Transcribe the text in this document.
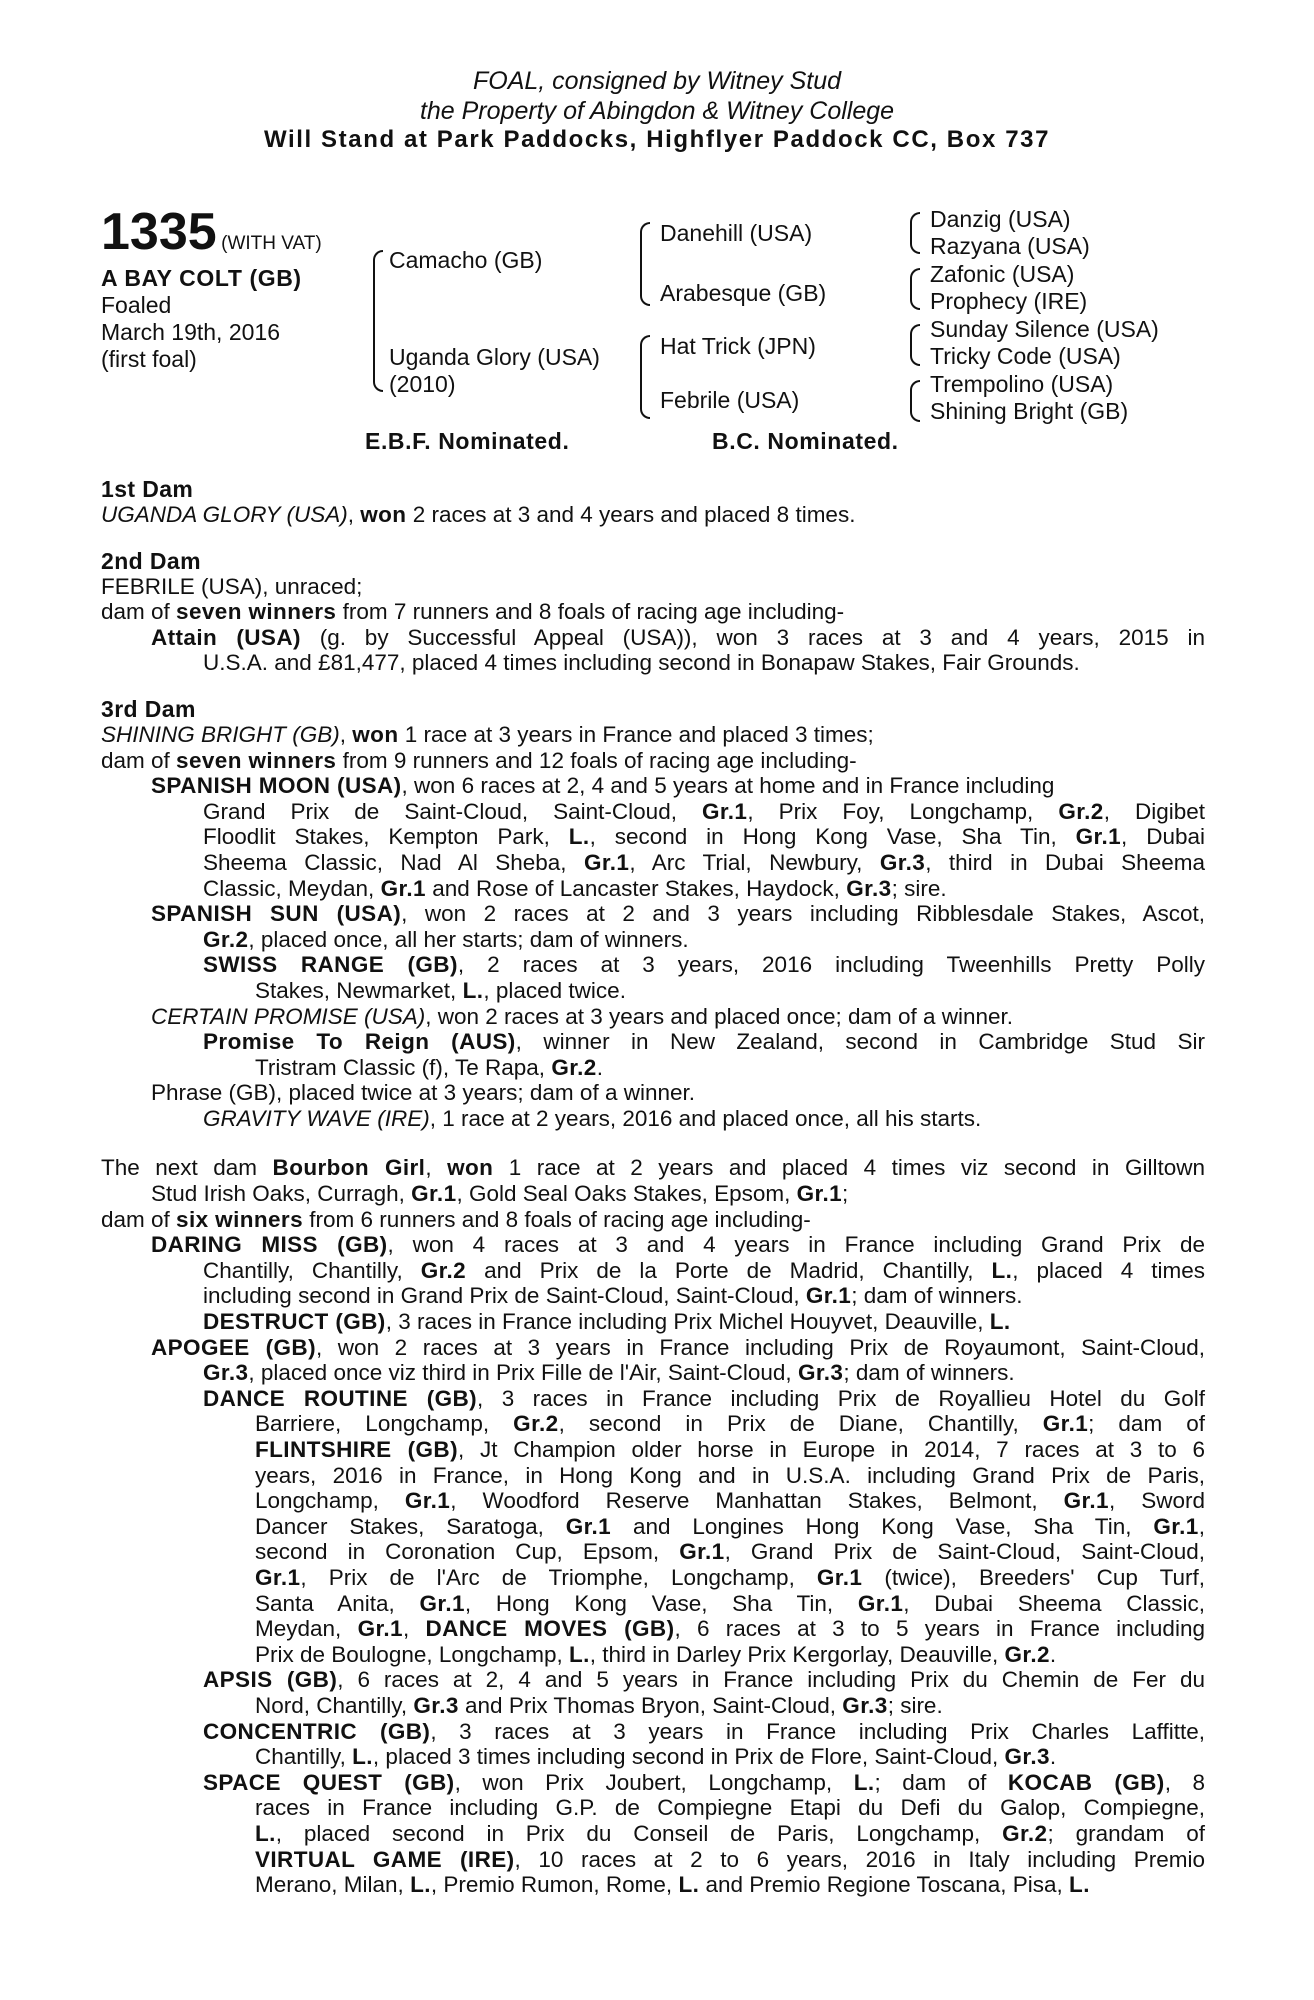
FOAL, consigned by Witney Stud
the Property of Abingdon & Witney College
Will Stand at Park Paddocks, Highflyer Paddock CC, Box 737
1335 (WITH VAT)
A BAY COLT (GB)
Foaled
March 19th, 2016
(first foal)
Camacho (GB)
Uganda Glory (USA)
(2010)
Danehill (USA)
Arabesque (GB)
Hat Trick (JPN)
Febrile (USA)
Danzig (USA)
Razyana (USA)
Zafonic (USA)
Prophecy (IRE)
Sunday Silence (USA)
Tricky Code (USA)
Trempolino (USA)
Shining Bright (GB)
E.B.F. Nominated.	B.C. Nominated.
1st Dam

UGANDA GLORY (USA), won 2 races at 3 and 4 years and placed 8 times.

2nd Dam

FEBRILE (USA), unraced;

dam of seven winners from 7 runners and 8 foals of racing age including-

Attain (USA) (g. by Successful Appeal (USA)), won 3 races at 3 and 4 years, 2015 in

U.S.A. and £81,477, placed 4 times including second in Bonapaw Stakes, Fair Grounds.

3rd Dam

SHINING BRIGHT (GB), won 1 race at 3 years in France and placed 3 times;

dam of seven winners from 9 runners and 12 foals of racing age including-

SPANISH MOON (USA), won 6 races at 2, 4 and 5 years at home and in France including
Grand Prix de Saint-Cloud, Saint-Cloud, Gr.1, Prix Foy, Longchamp, Gr.2, Digibet
Floodlit Stakes, Kempton Park, L., second in Hong Kong Vase, Sha Tin, Gr.1, Dubai
Sheema Classic, Nad Al Sheba, Gr.1, Arc Trial, Newbury, Gr.3, third in Dubai Sheema
Classic, Meydan, Gr.1 and Rose of Lancaster Stakes, Haydock, Gr.3; sire.

SPANISH SUN (USA), won 2 races at 2 and 3 years including Ribblesdale Stakes, Ascot,
Gr.2, placed once, all her starts; dam of winners.

SWISS RANGE (GB), 2 races at 3 years, 2016 including Tweenhills Pretty Polly
Stakes, Newmarket, L., placed twice.

CERTAIN PROMISE (USA), won 2 races at 3 years and placed once; dam of a winner.

Promise To Reign (AUS), winner in New Zealand, second in Cambridge Stud Sir
Tristram Classic (f), Te Rapa, Gr.2.

Phrase (GB), placed twice at 3 years; dam of a winner.

GRAVITY WAVE (IRE), 1 race at 2 years, 2016 and placed once, all his starts.

The next dam Bourbon Girl, won 1 race at 2 years and placed 4 times viz second in Gilltown
Stud Irish Oaks, Curragh, Gr.1, Gold Seal Oaks Stakes, Epsom, Gr.1;

dam of six winners from 6 runners and 8 foals of racing age including-

DARING MISS (GB), won 4 races at 3 and 4 years in France including Grand Prix de
Chantilly, Chantilly, Gr.2 and Prix de la Porte de Madrid, Chantilly, L., placed 4 times
including second in Grand Prix de Saint-Cloud, Saint-Cloud, Gr.1; dam of winners.

DESTRUCT (GB), 3 races in France including Prix Michel Houyvet, Deauville, L.

APOGEE (GB), won 2 races at 3 years in France including Prix de Royaumont, Saint-Cloud,
Gr.3, placed once viz third in Prix Fille de l'Air, Saint-Cloud, Gr.3; dam of winners.

DANCE ROUTINE (GB), 3 races in France including Prix de Royallieu Hotel du Golf
Barriere, Longchamp, Gr.2, second in Prix de Diane, Chantilly, Gr.1; dam of
FLINTSHIRE (GB), Jt Champion older horse in Europe in 2014, 7 races at 3 to 6
years, 2016 in France, in Hong Kong and in U.S.A. including Grand Prix de Paris,
Longchamp, Gr.1, Woodford Reserve Manhattan Stakes, Belmont, Gr.1, Sword
Dancer Stakes, Saratoga, Gr.1 and Longines Hong Kong Vase, Sha Tin, Gr.1,
second in Coronation Cup, Epsom, Gr.1, Grand Prix de Saint-Cloud, Saint-Cloud,
Gr.1, Prix de l'Arc de Triomphe, Longchamp, Gr.1 (twice), Breeders' Cup Turf,
Santa Anita, Gr.1, Hong Kong Vase, Sha Tin, Gr.1, Dubai Sheema Classic,
Meydan, Gr.1, DANCE MOVES (GB), 6 races at 3 to 5 years in France including
Prix de Boulogne, Longchamp, L., third in Darley Prix Kergorlay, Deauville, Gr.2.

APSIS (GB), 6 races at 2, 4 and 5 years in France including Prix du Chemin de Fer du
Nord, Chantilly, Gr.3 and Prix Thomas Bryon, Saint-Cloud, Gr.3; sire.

CONCENTRIC (GB), 3 races at 3 years in France including Prix Charles Laffitte,
Chantilly, L., placed 3 times including second in Prix de Flore, Saint-Cloud, Gr.3.

SPACE QUEST (GB), won Prix Joubert, Longchamp, L.; dam of KOCAB (GB), 8
races in France including G.P. de Compiegne Etapi du Defi du Galop, Compiegne,
L., placed second in Prix du Conseil de Paris, Longchamp, Gr.2; grandam of
VIRTUAL GAME (IRE), 10 races at 2 to 6 years, 2016 in Italy including Premio
Merano, Milan, L., Premio Rumon, Rome, L. and Premio Regione Toscana, Pisa, L.
